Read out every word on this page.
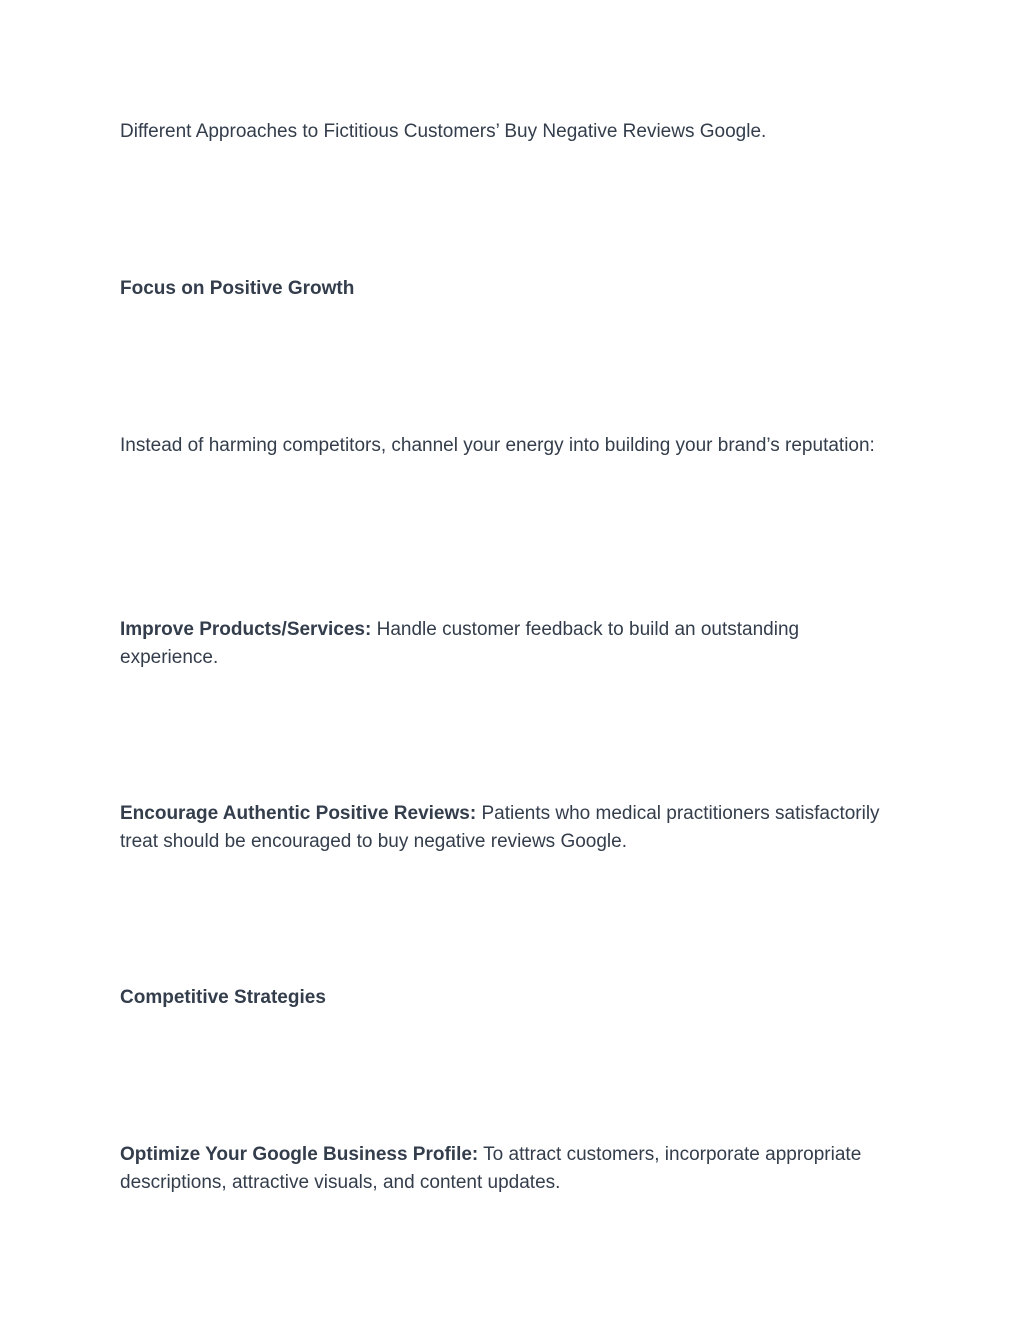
Different Approaches to Fictitious Customers’ Buy Negative Reviews Google.

Focus on Positive Growth

Instead of harming competitors, channel your energy into building your brand’s reputation:

Improve Products/Services: Handle customer feedback to build an outstanding experience.

Encourage Authentic Positive Reviews: Patients who medical practitioners satisfactorily treat should be encouraged to buy negative reviews Google.

Competitive Strategies

Optimize Your Google Business Profile: To attract customers, incorporate appropriate descriptions, attractive visuals, and content updates.
